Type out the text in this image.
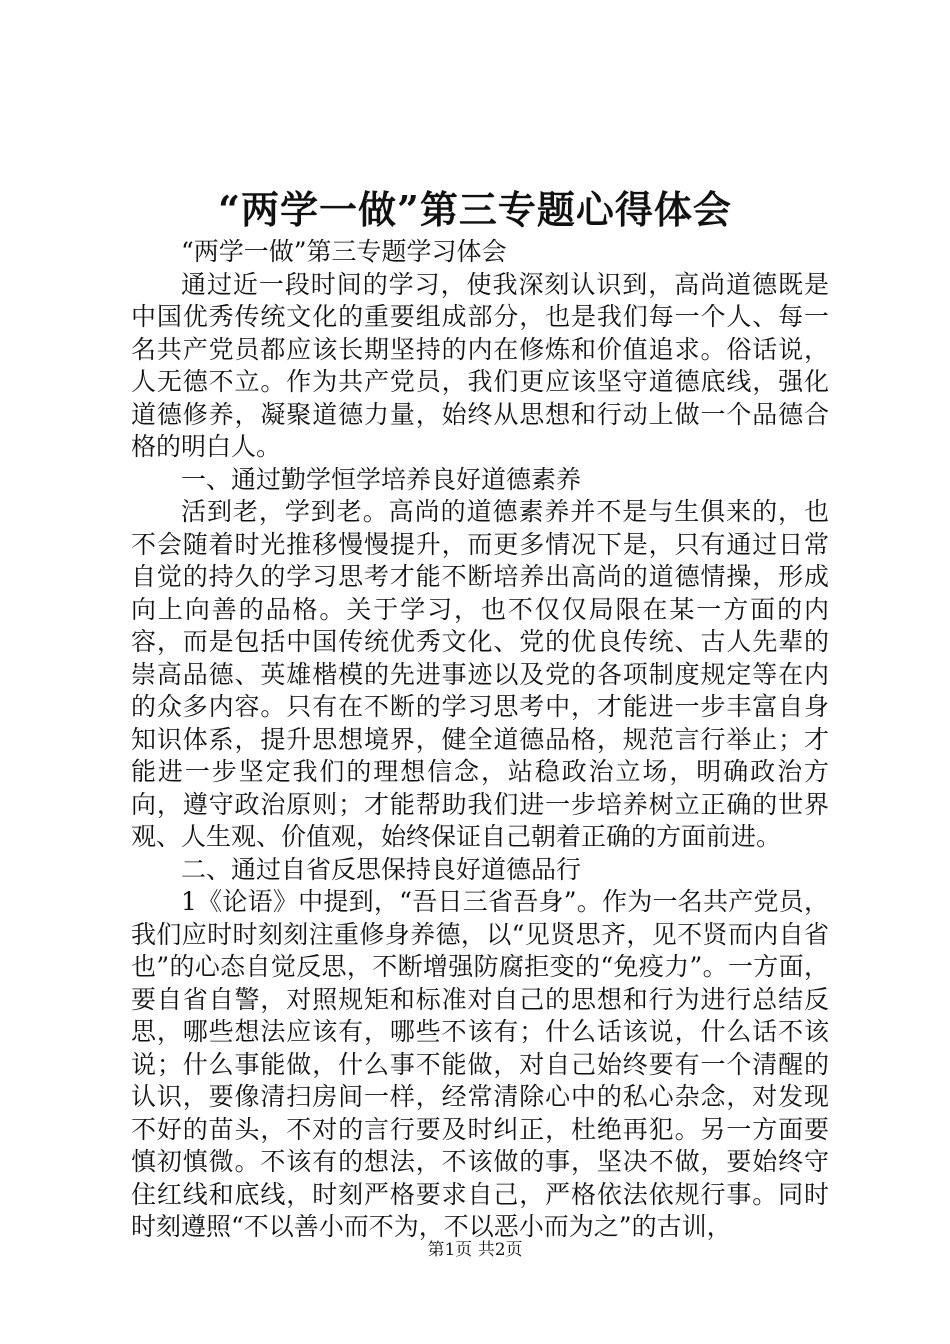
“两学一做”第三专题心得体会

“两学一做”第三专题学习体会

通过近一段时间的学习，使我深刻认识到，高尚道德既是中国优秀传统文化的重要组成部分，也是我们每一个人、每一名共产党员都应该长期坚持的内在修炼和价值追求。俗话说，人无德不立。作为共产党员，我们更应该坚守道德底线，强化道德修养，凝聚道德力量，始终从思想和行动上做一个品德合格的明白人。

一、通过勤学恒学培养良好道德素养

活到老，学到老。高尚的道德素养并不是与生俱来的，也不会随着时光推移慢慢提升，而更多情况下是，只有通过日常自觉的持久的学习思考才能不断培养出高尚的道德情操，形成向上向善的品格。关于学习，也不仅仅局限在某一方面的内容，而是包括中国传统优秀文化、党的优良传统、古人先辈的崇高品德、英雄楷模的先进事迹以及党的各项制度规定等在内的众多内容。只有在不断的学习思考中，才能进一步丰富自身知识体系，提升思想境界，健全道德品格，规范言行举止；才能进一步坚定我们的理想信念，站稳政治立场，明确政治方向，遵守政治原则；才能帮助我们进一步培养树立正确的世界观、人生观、价值观，始终保证自己朝着正确的方面前进。

二、通过自省反思保持良好道德品行

1《论语》中提到，“吾日三省吾身”。作为一名共产党员，我们应时时刻刻注重修身养德，以“见贤思齐，见不贤而内自省也”的心态自觉反思，不断增强防腐拒变的“免疫力”。一方面，要自省自警，对照规矩和标准对自己的思想和行为进行总结反思，哪些想法应该有，哪些不该有；什么话该说，什么话不该说；什么事能做，什么事不能做，对自己始终要有一个清醒的认识，要像清扫房间一样，经常清除心中的私心杂念，对发现不好的苗头，不对的言行要及时纠正，杜绝再犯。另一方面要慎初慎微。不该有的想法，不该做的事，坚决不做，要始终守住红线和底线，时刻严格要求自己，严格依法依规行事。同时时刻遵照“不以善小而不为，不以恶小而为之”的古训，

第1页 共2页
